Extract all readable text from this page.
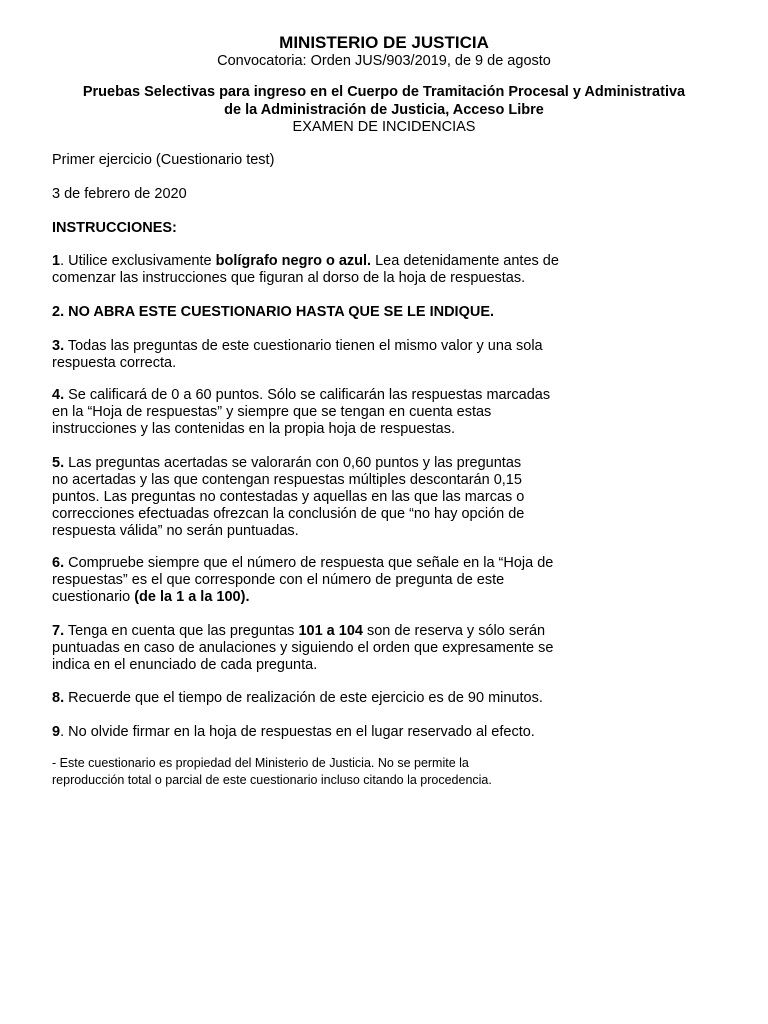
MINISTERIO DE JUSTICIA

Convocatoria: Orden JUS/903/2019, de 9 de agosto

Pruebas Selectivas para ingreso en el Cuerpo de Tramitación Procesal y Administrativa

de la Administración de Justicia, Acceso Libre

EXAMEN DE INCIDENCIAS

Primer ejercicio (Cuestionario test)

3 de febrero de 2020

INSTRUCCIONES:

1. Utilice exclusivamente bolígrafo negro o azul. Lea detenidamente antes de
comenzar las instrucciones que figuran al dorso de la hoja de respuestas.

2. NO ABRA ESTE CUESTIONARIO HASTA QUE SE LE INDIQUE.

3. Todas las preguntas de este cuestionario tienen el mismo valor y una sola
respuesta correcta.

4. Se calificará de 0 a 60 puntos. Sólo se calificarán las respuestas marcadas
en la “Hoja de respuestas” y siempre que se tengan en cuenta estas
instrucciones y las contenidas en la propia hoja de respuestas.

5. Las preguntas acertadas se valorarán con 0,60 puntos y las preguntas
no acertadas y las que contengan respuestas múltiples descontarán 0,15
puntos. Las preguntas no contestadas y aquellas en las que las marcas o
correcciones efectuadas ofrezcan la conclusión de que “no hay opción de
respuesta válida” no serán puntuadas.

6. Compruebe siempre que el número de respuesta que señale en la “Hoja de
respuestas” es el que corresponde con el número de pregunta de este
cuestionario (de la 1 a la 100).

7. Tenga en cuenta que las preguntas 101 a 104 son de reserva y sólo serán
puntuadas en caso de anulaciones y siguiendo el orden que expresamente se
indica en el enunciado de cada pregunta.

8. Recuerde que el tiempo de realización de este ejercicio es de 90 minutos.

9. No olvide firmar en la hoja de respuestas en el lugar reservado al efecto.

- Este cuestionario es propiedad del Ministerio de Justicia. No se permite la
reproducción total o parcial de este cuestionario incluso citando la procedencia.
